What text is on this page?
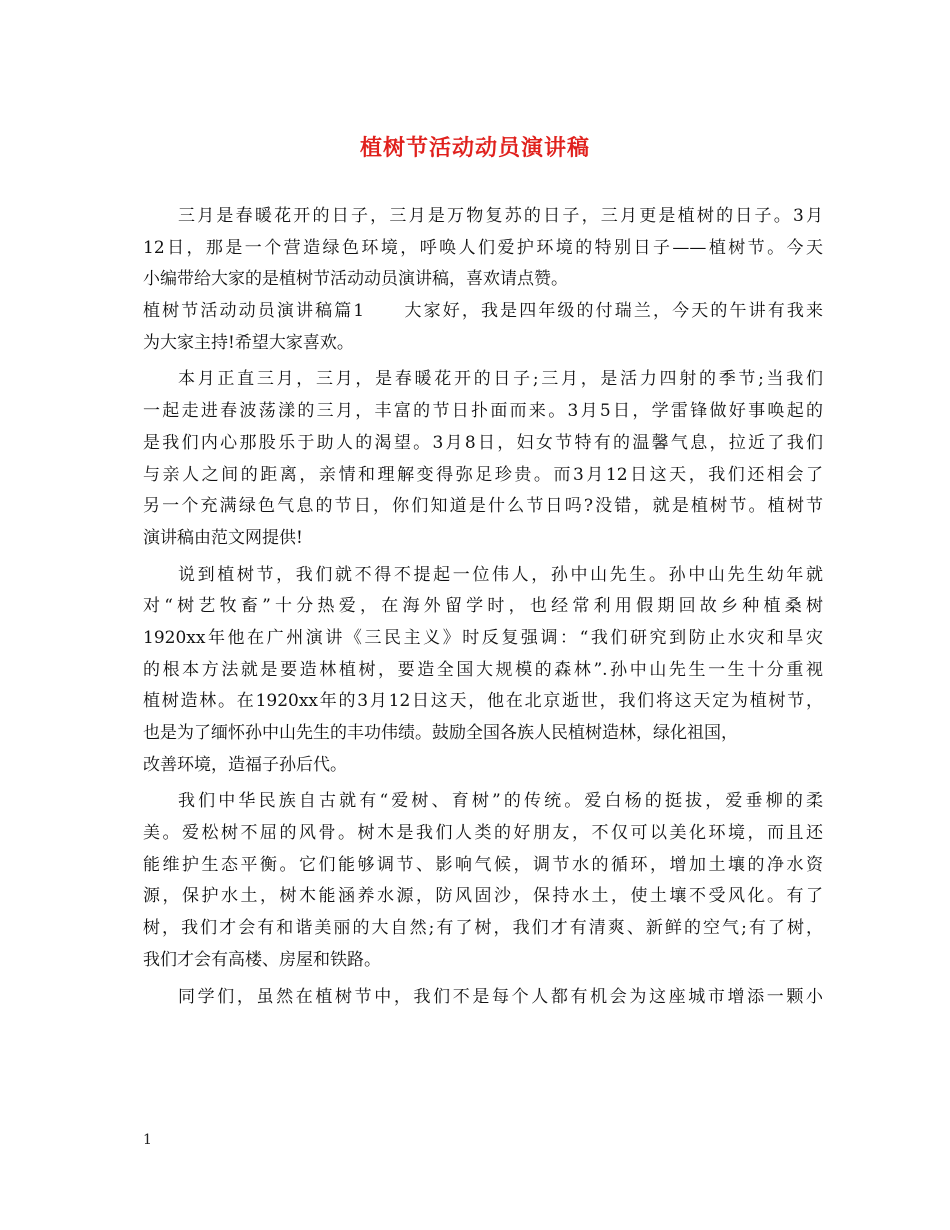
植树节活动动员演讲稿
三月是春暖花开的日子，三月是万物复苏的日子，三月更是植树的日子。3月
12日，那是一个营造绿色环境，呼唤人们爱护环境的特别日子——植树节。今天
小编带给大家的是植树节活动动员演讲稿，喜欢请点赞。
植树节活动动员演讲稿篇1　　大家好，我是四年级的付瑞兰，今天的午讲有我来
为大家主持!希望大家喜欢。
本月正直三月，三月，是春暖花开的日子;三月，是活力四射的季节;当我们
一起走进春波荡漾的三月，丰富的节日扑面而来。3月5日，学雷锋做好事唤起的
是我们内心那股乐于助人的渴望。3月8日，妇女节特有的温馨气息，拉近了我们
与亲人之间的距离，亲情和理解变得弥足珍贵。而3月12日这天，我们还相会了
另一个充满绿色气息的节日，你们知道是什么节日吗?没错，就是植树节。植树节
演讲稿由范文网提供!
说到植树节，我们就不得不提起一位伟人，孙中山先生。孙中山先生幼年就
对“树艺牧畜”十分热爱，在海外留学时，也经常利用假期回故乡种植桑树
1920xx年他在广州演讲《三民主义》时反复强调：“我们研究到防止水灾和旱灾
的根本方法就是要造林植树，要造全国大规模的森林”.孙中山先生一生十分重视
植树造林。在1920xx年的3月12日这天，他在北京逝世，我们将这天定为植树节，
也是为了缅怀孙中山先生的丰功伟绩。鼓励全国各族人民植树造林，绿化祖国，
改善环境，造福子孙后代。
我们中华民族自古就有“爱树、育树”的传统。爱白杨的挺拔，爱垂柳的柔
美。爱松树不屈的风骨。树木是我们人类的好朋友，不仅可以美化环境，而且还
能维护生态平衡。它们能够调节、影响气候，调节水的循环，增加土壤的净水资
源，保护水土，树木能涵养水源，防风固沙，保持水土，使土壤不受风化。有了
树，我们才会有和谐美丽的大自然;有了树，我们才有清爽、新鲜的空气;有了树，
我们才会有高楼、房屋和铁路。
同学们，虽然在植树节中，我们不是每个人都有机会为这座城市增添一颗小
1
